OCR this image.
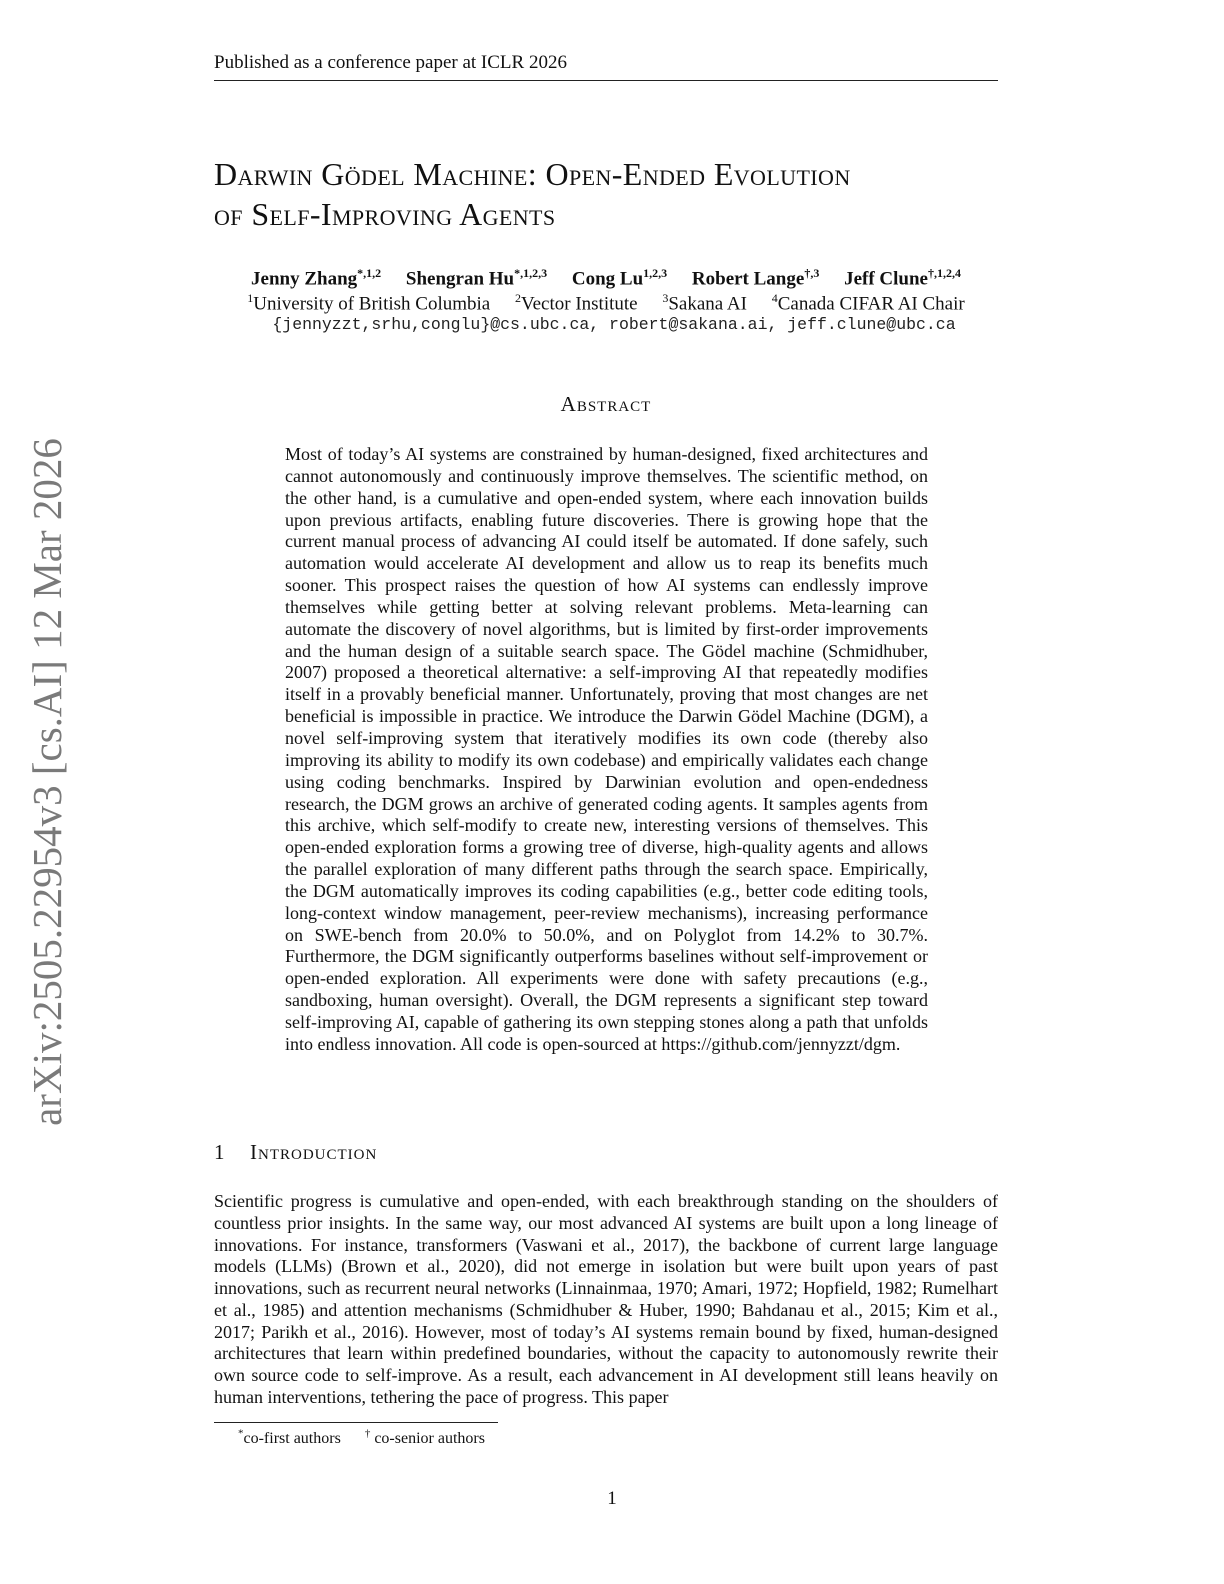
Published as a conference paper at ICLR 2026
Darwin Gödel Machine: Open-Ended Evolution
of Self-Improving Agents
Jenny Zhang$^{*,1,2}$ Shengran $Hu^{*,1,2,3}$ Cong Lu$^{1,2,3}$ Robert Lange$^{\dagger,3}$ Jeff Clune$^{\dagger,1,2,4}$
$^1$University of British Columbia $^2$Vector Institute $^3$Sakana AI $^4$Canada CIFAR AI Chair
{jennyzzt,srhu,conglu}@cs.ubc.ca, robert@sakana.ai, jeff.clune@ubc.ca
Abstract
Most of today’s AI systems are constrained by human-designed, fixed architectures and cannot autonomously and continuously improve themselves. The scientific method, on the other hand, is a cumulative and open-ended system, where each innovation builds upon previous artifacts, enabling future discoveries. There is growing hope that the current manual process of advancing AI could itself be automated. If done safely, such automation would accelerate AI development and allow us to reap its benefits much sooner. This prospect raises the question of how AI systems can endlessly improve themselves while getting better at solving relevant problems. Meta-learning can automate the discovery of novel algorithms, but is limited by first-order improvements and the human design of a suitable search space. The Gödel machine (Schmidhuber, 2007) proposed a theoretical alternative: a self-improving AI that repeatedly modifies itself in a provably beneficial manner. Unfortunately, proving that most changes are net beneficial is impossible in practice. We introduce the Darwin Gödel Machine (DGM), a novel self-improving system that iteratively modifies its own code (thereby also improving its ability to modify its own codebase) and empirically validates each change using coding benchmarks. Inspired by Darwinian evolution and open-endedness research, the DGM grows an archive of generated coding agents. It samples agents from this archive, which self-modify to create new, interesting versions of themselves. This open-ended exploration forms a growing tree of diverse, high-quality agents and allows the parallel exploration of many different paths through the search space. Empirically, the DGM automatically improves its coding capabilities (e.g., better code editing tools, long-context window management, peer-review mechanisms), increasing performance on SWE-bench from 20.0% to 50.0%, and on Polyglot from 14.2% to 30.7%. Furthermore, the DGM significantly outperforms baselines without self-improvement or open-ended exploration. All experiments were done with safety precautions (e.g., sandboxing, human oversight). Overall, the DGM represents a significant step toward self-improving AI, capable of gathering its own stepping stones along a path that unfolds into endless innovation. All code is open-sourced at https://github.com/jennyzzt/dgm.
1 Introduction
Scientific progress is cumulative and open-ended, with each breakthrough standing on the shoulders of countless prior insights. In the same way, our most advanced AI systems are built upon a long lineage of innovations. For instance, transformers (Vaswani et al., 2017), the backbone of current large language models (LLMs) (Brown et al., 2020), did not emerge in isolation but were built upon years of past innovations, such as recurrent neural networks (Linnainmaa, 1970; Amari, 1972; Hopfield, 1982; Rumelhart et al., 1985) and attention mechanisms (Schmidhuber & Huber, 1990; Bahdanau et al., 2015; Kim et al., 2017; Parikh et al., 2016). However, most of today’s AI systems remain bound by fixed, human-designed architectures that learn within predefined boundaries, without the capacity to autonomously rewrite their own source code to self-improve. As a result, each advancement in AI development still leans heavily on human interventions, tethering the pace of progress. This paper
*co-first authors † co-senior authors
1
arXiv:2505.22954v3 [cs.AI] 12 Mar 2026
